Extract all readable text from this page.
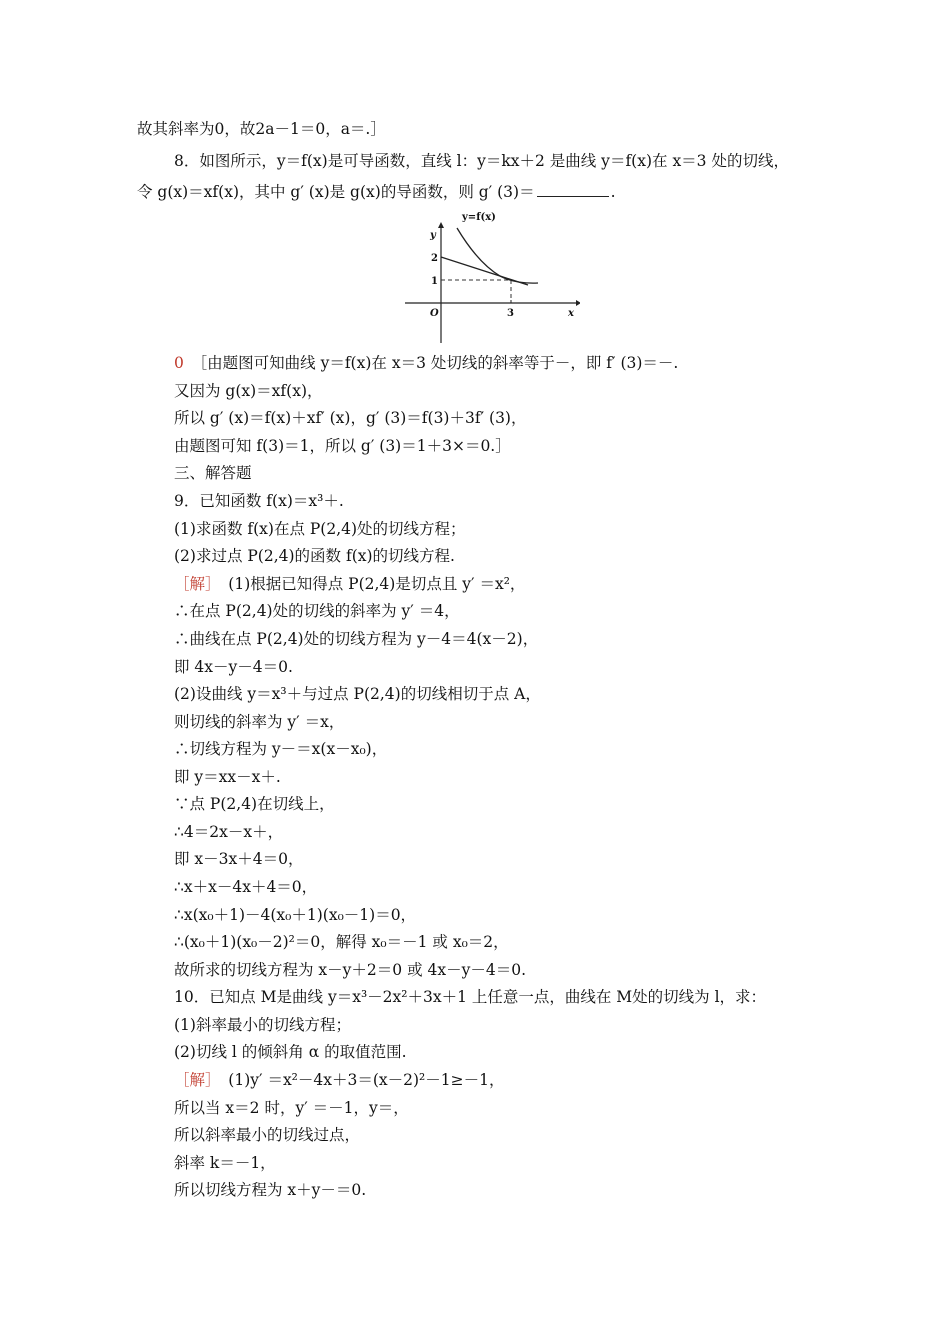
故其斜率为0，故2a－1＝0，a＝.］
8．如图所示，y＝f(x)是可导函数，直线 l：y＝kx＋2 是曲线 y＝f(x)在 x＝3 处的切线，
令 g(x)＝xf(x)，其中 g′ (x)是 g(x)的导函数，则 g′ (3)＝	.
y=f(x)
y
x
O
2
1
3
0　 ［由题图可知曲线 y＝f(x)在 x＝3 处切线的斜率等于－，即 f′ (3)＝－.
又因为 g(x)＝xf(x)，
所以 g′ (x)＝f(x)＋xf′ (x)，g′ (3)＝f(3)＋3f′ (3)，
由题图可知 f(3)＝1，所以 g′ (3)＝1＋3×＝0.］
三、解答题
9．已知函数 f(x)＝x³＋.
(1)求函数 f(x)在点 P(2,4)处的切线方程；
(2)求过点 P(2,4)的函数 f(x)的切线方程.
［解］　 (1)根据已知得点 P(2,4)是切点且 y′ ＝x²，
∴在点 P(2,4)处的切线的斜率为 y′ ＝4，
∴曲线在点 P(2,4)处的切线方程为 y－4＝4(x－2)，
即 4x－y－4＝0.
(2)设曲线 y＝x³＋与过点 P(2,4)的切线相切于点 A，
则切线的斜率为 y′ ＝x，
∴切线方程为 y－＝x(x－x₀)，
即 y＝xx－x＋.
∵点 P(2,4)在切线上，
∴4＝2x－x＋，
即 x－3x＋4＝0，
∴x＋x－4x＋4＝0，
∴x(x₀＋1)－4(x₀＋1)(x₀－1)＝0，
∴(x₀＋1)(x₀－2)²＝0，解得 x₀＝－1 或 x₀＝2，
故所求的切线方程为 x－y＋2＝0 或 4x－y－4＝0.
10．已知点 M是曲线 y＝x³－2x²＋3x＋1 上任意一点，曲线在 M处的切线为 l，求：
(1)斜率最小的切线方程；
(2)切线 l 的倾斜角 α 的取值范围.
［解］　 (1)y′ ＝x²－4x＋3＝(x－2)²－1≥－1，
所以当 x＝2 时，y′ ＝－1，y＝，
所以斜率最小的切线过点，
斜率 k＝－1，
所以切线方程为 x＋y－＝0.
